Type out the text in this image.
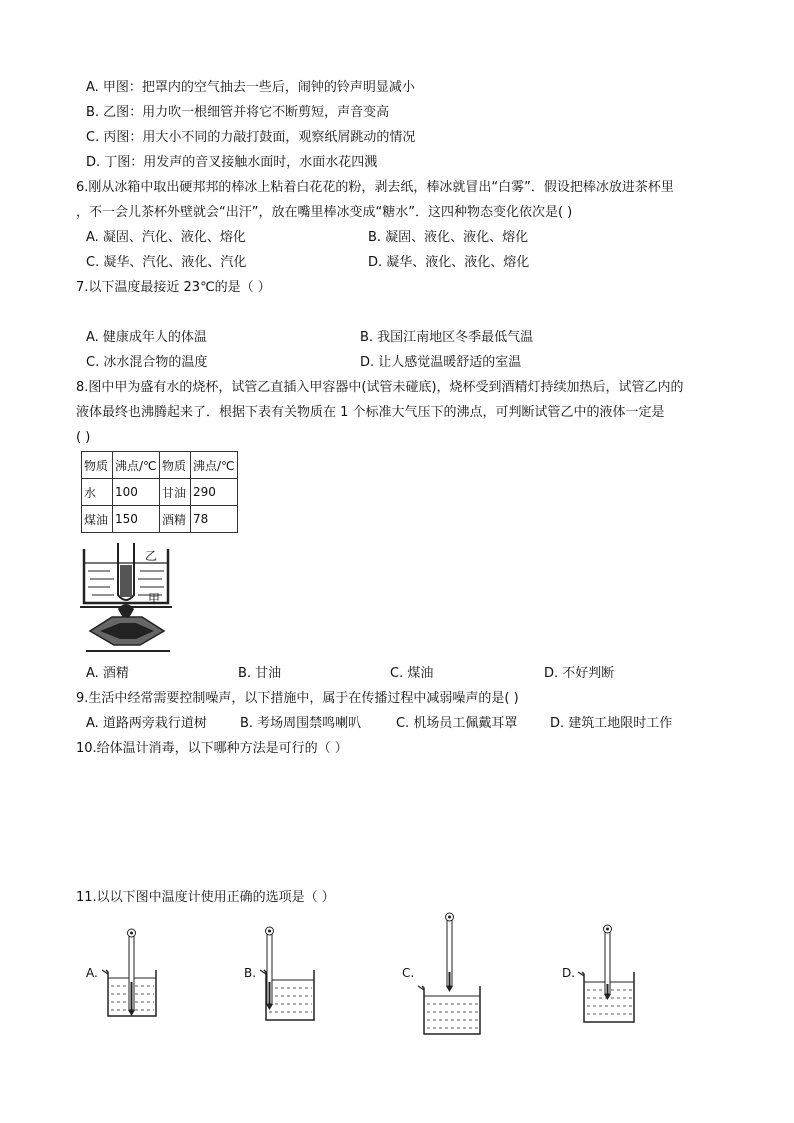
A. 甲图：把罩内的空气抽去一些后，闹钟的铃声明显减小
B. 乙图：用力吹一根细管并将它不断剪短，声音变高
C. 丙图：用大小不同的力敲打鼓面，观察纸屑跳动的情况
D. 丁图：用发声的音叉接触水面时，水面水花四溅
6.刚从冰箱中取出硬邦邦的棒冰上粘着白花花的粉，剥去纸，棒冰就冒出“白雾”．假设把棒冰放进茶杯里
，不一会儿茶杯外壁就会“出汗”，放在嘴里棒冰变成“糖水”．这四种物态变化依次是( )
A. 凝固、汽化、液化、熔化	B. 凝固、液化、液化、熔化
C. 凝华、汽化、液化、汽化	D. 凝华、液化、液化、熔化
7.以下温度最接近 23℃的是（ ）
A. 健康成年人的体温	B. 我国江南地区冬季最低气温
C. 冰水混合物的温度	D. 让人感觉温暖舒适的室温
8.图中甲为盛有水的烧杯，试管乙直插入甲容器中(试管未碰底)，烧杯受到酒精灯持续加热后，试管乙内的
液体最终也沸腾起来了．根据下表有关物质在 1 个标准大气压下的沸点，可判断试管乙中的液体一定是
( )
物质	沸点/℃	物质	沸点/℃
水	100	甘油	290
煤油	150	酒精	78
乙
甲
A. 酒精	B. 甘油	C. 煤油	D. 不好判断
9.生活中经常需要控制噪声，以下措施中，属于在传播过程中减弱噪声的是( )
A. 道路两旁栽行道树	B. 考场周围禁鸣喇叭	C. 机场员工佩戴耳罩	D. 建筑工地限时工作
10.给体温计消毒，以下哪种方法是可行的（ ）
11.以以下图中温度计使用正确的选项是（ ）
A.	B.	C.	D.
